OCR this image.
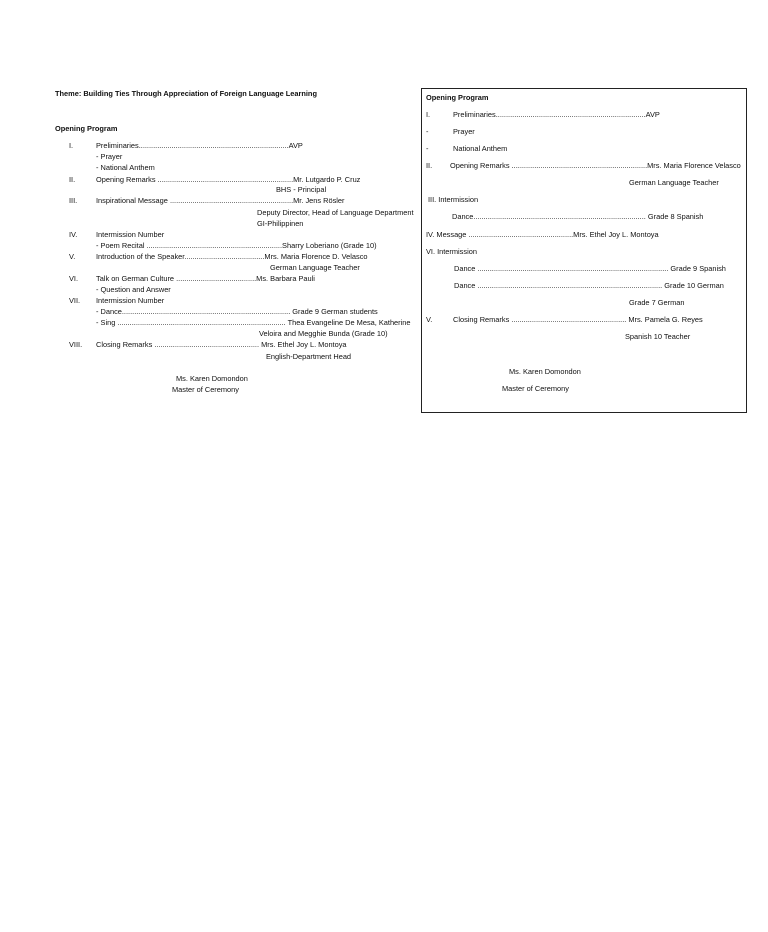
Theme: Building Ties Through Appreciation of Foreign Language Learning
Opening Program
I.	Preliminaries.........................................................................AVP
- Prayer
- National Anthem
II.	Opening Remarks ..................................................................Mr. Lutgardo P. Cruz
BHS - Principal
III.	Inspirational Message ............................................................Mr. Jens Rösler
Deputy Director, Head of Language Department
GI-Philippinen
IV.	Intermission Number
- Poem Recital ..................................................................Sharry Loberiano (Grade 10)
V.	Introduction of the Speaker.......................................Mrs. Maria Florence D. Velasco
German Language Teacher
VI. Talk on German Culture .......................................Ms. Barbara Pauli
- Question and Answer
VII. Intermission Number
- Dance.................................................................................. Grade 9 German students
- Sing .................................................................................. Thea Evangeline De Mesa, Katherine
Veloira and Megghie Bunda (Grade 10)
VIII. Closing Remarks ................................................... Mrs. Ethel Joy L. Montoya
English-Department Head
Ms. Karen Domondon
Master of Ceremony
Opening Program
I.	Preliminaries.........................................................................AVP
-	Prayer
-	National Anthem
II. Opening Remarks ..................................................................Mrs. Maria Florence Velasco
German Language Teacher
III. Intermission
Dance.................................................................................... Grade 8 Spanish
IV. Message ...................................................Mrs. Ethel Joy L. Montoya
VI. Intermission
Dance ............................................................................................. Grade 9 Spanish
Dance .......................................................................................... Grade 10 German
Grade 7 German
V.	Closing Remarks ........................................................ Mrs. Pamela G. Reyes
Spanish 10 Teacher
Ms. Karen Domondon
Master of Ceremony
